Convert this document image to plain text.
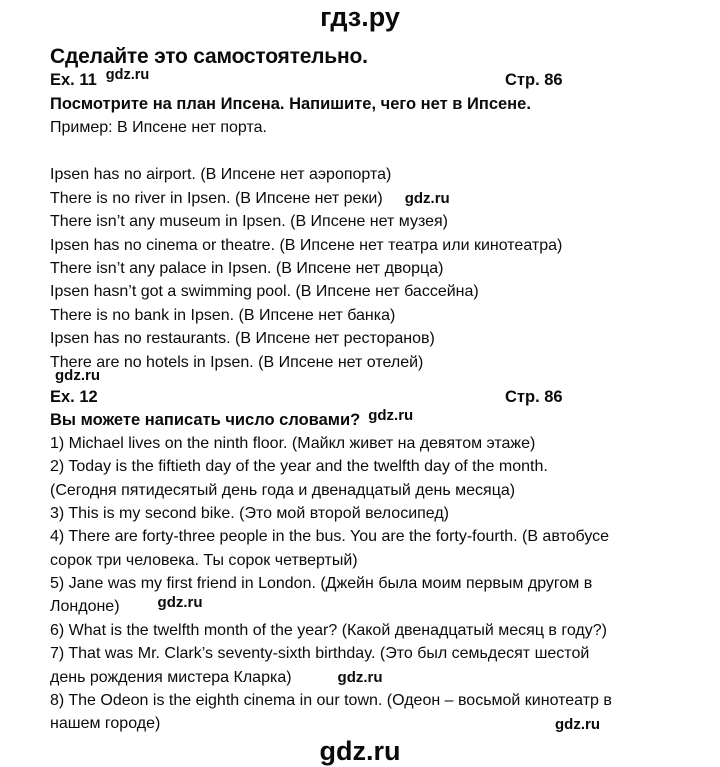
гдз.ру
Сделайте это самостоятельно.
Ex. 11 gdz.ru	Стр. 86
Посмотрите на план Ипсена. Напишите, чего нет в Ипсене.
Пример: В Ипсене нет порта.
Ipsen has no airport. (В Ипсене нет аэропорта)
There is no river in Ipsen. (В Ипсене нет реки) gdz.ru
There isn’t any museum in Ipsen. (В Ипсене нет музея)
Ipsen has no cinema or theatre. (В Ипсене нет театра или кинотеатра)
There isn’t any palace in Ipsen. (В Ипсене нет дворца)
Ipsen hasn’t got a swimming pool. (В Ипсене нет бассейна)
There is no bank in Ipsen. (В Ипсене нет банка)
Ipsen has no restaurants. (В Ипсене нет ресторанов)
There are no hotels in Ipsen. (В Ипсене нет отелей)
gdz.ru
Ex. 12	Стр. 86
Вы можете написать число словами? gdz.ru
1) Michael lives on the ninth floor. (Майкл живет на девятом этаже)
2) Today is the fiftieth day of the year and the twelfth day of the month.
(Сегодня пятидесятый день года и двенадцатый день месяца)
3) This is my second bike. (Это мой второй велосипед)
4) There are forty-three people in the bus. You are the forty-fourth. (В автобусе
сорок три человека. Ты сорок четвертый)
5) Jane was my first friend in London. (Джейн была моим первым другом в
Лондоне)	gdz.ru
6) What is the twelfth month of the year? (Какой двенадцатый месяц в году?)
7) That was Mr. Clark’s seventy-sixth birthday. (Это был семьдесят шестой
день рождения мистера Кларка)	gdz.ru
8) The Odeon is the eighth cinema in our town. (Одеон – восьмой кинотеатр в
нашем городе)	gdz.ru
gdz.ru
